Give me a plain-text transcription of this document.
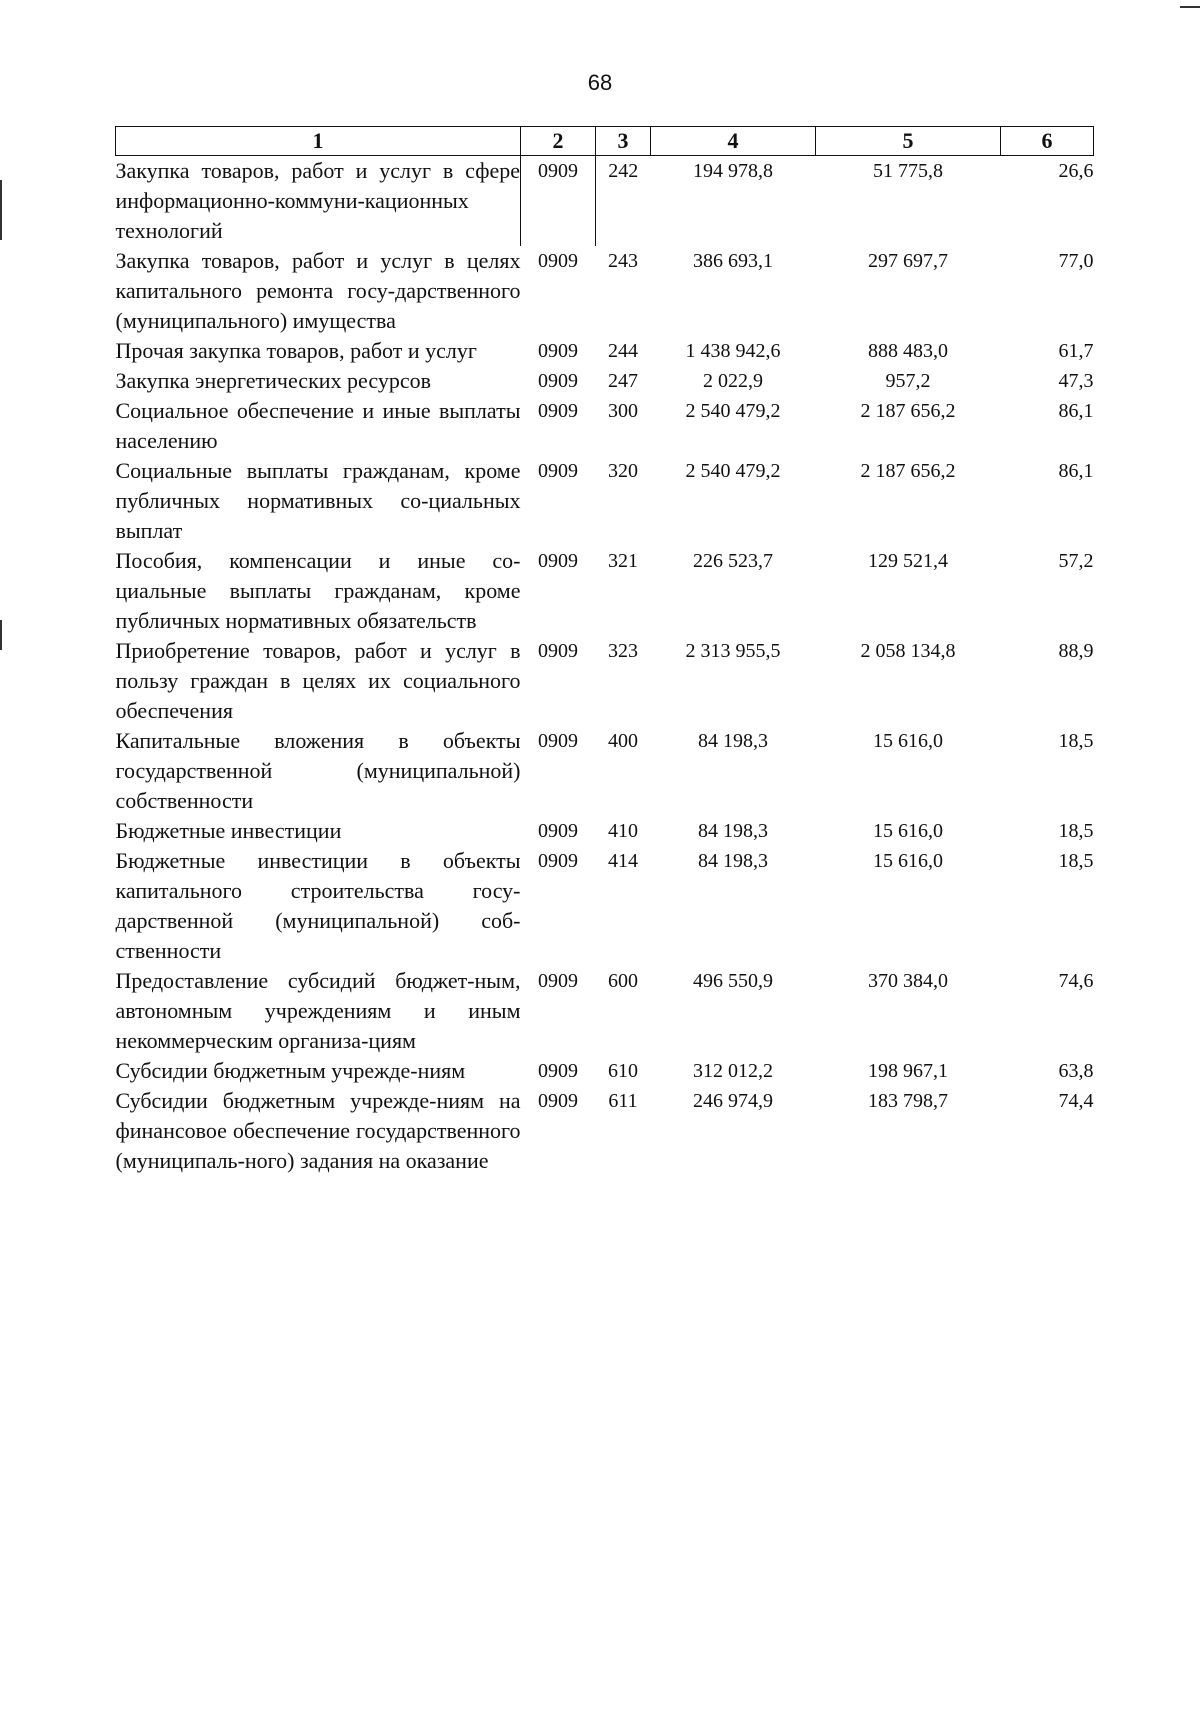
68
1	2	3	4	5	6
Закупка товаров, работ и услуг в сфере информационно-коммуни-кационных технологий	0909	242	194 978,8	51 775,8	26,6
Закупка товаров, работ и услуг в целях капитального ремонта госу-дарственного (муниципального) имущества	0909	243	386 693,1	297 697,7	77,0
Прочая закупка товаров, работ и услуг	0909	244	1 438 942,6	888 483,0	61,7
Закупка энергетических ресурсов	0909	247	2 022,9	957,2	47,3
Социальное обеспечение и иные выплаты населению	0909	300	2 540 479,2	2 187 656,2	86,1
Социальные выплаты гражданам, кроме публичных нормативных со-циальных выплат	0909	320	2 540 479,2	2 187 656,2	86,1
Пособия, компенсации и иные со-циальные выплаты гражданам, кроме публичных нормативных обязательств	0909	321	226 523,7	129 521,4	57,2
Приобретение товаров, работ и услуг в пользу граждан в целях их социального обеспечения	0909	323	2 313 955,5	2 058 134,8	88,9
Капитальные вложения в объекты государственной (муниципальной) собственности	0909	400	84 198,3	15 616,0	18,5
Бюджетные инвестиции	0909	410	84 198,3	15 616,0	18,5
Бюджетные инвестиции в объекты капитального строительства госу-дарственной (муниципальной) соб-ственности	0909	414	84 198,3	15 616,0	18,5
Предоставление субсидий бюджет-ным, автономным учреждениям и иным некоммерческим организа-циям	0909	600	496 550,9	370 384,0	74,6
Субсидии бюджетным учрежде-ниям	0909	610	312 012,2	198 967,1	63,8
Субсидии бюджетным учрежде-ниям на финансовое обеспечение государственного (муниципаль-ного) задания на оказание	0909	611	246 974,9	183 798,7	74,4
